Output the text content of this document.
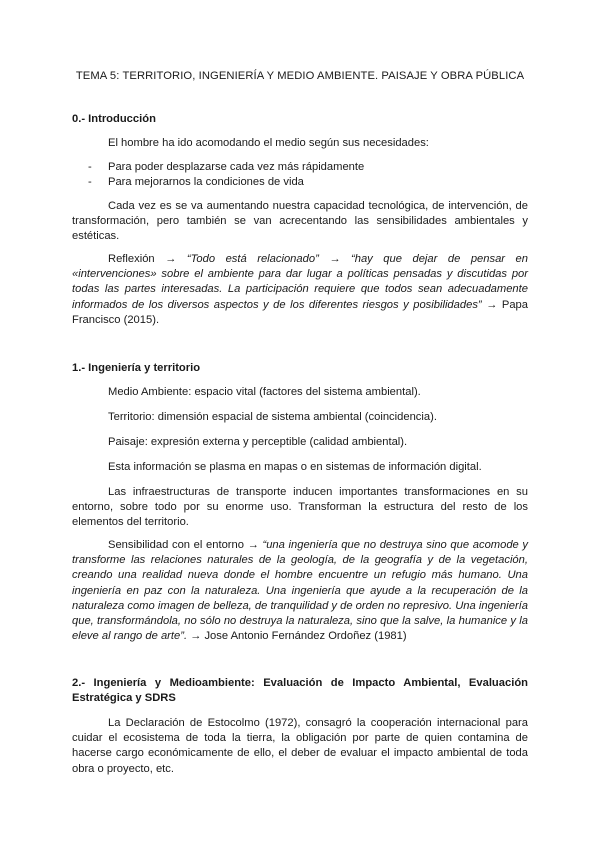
TEMA 5: TERRITORIO, INGENIERÍA Y MEDIO AMBIENTE. PAISAJE Y OBRA PÚBLICA
0.- Introducción
El hombre ha ido acomodando el medio según sus necesidades:
- Para poder desplazarse cada vez más rápidamente
- Para mejorarnos la condiciones de vida
Cada vez es se va aumentando nuestra capacidad tecnológica, de intervención, de transformación, pero también se van acrecentando las sensibilidades ambientales y estéticas.
Reflexión → “Todo está relacionado” → “hay que dejar de pensar en «intervenciones» sobre el ambiente para dar lugar a políticas pensadas y discutidas por todas las partes interesadas. La participación requiere que todos sean adecuadamente informados de los diversos aspectos y de los diferentes riesgos y posibilidades” → Papa Francisco (2015).
1.- Ingeniería y territorio
Medio Ambiente: espacio vital (factores del sistema ambiental).
Territorio: dimensión espacial de sistema ambiental (coincidencia).
Paisaje: expresión externa y perceptible (calidad ambiental).
Esta información se plasma en mapas o en sistemas de información digital.
Las infraestructuras de transporte inducen importantes transformaciones en su entorno, sobre todo por su enorme uso. Transforman la estructura del resto de los elementos del territorio.
Sensibilidad con el entorno → “una ingeniería que no destruya sino que acomode y transforme las relaciones naturales de la geología, de la geografía y de la vegetación, creando una realidad nueva donde el hombre encuentre un refugio más humano. Una ingeniería en paz con la naturaleza. Una ingeniería que ayude a la recuperación de la naturaleza como imagen de belleza, de tranquilidad y de orden no represivo. Una ingeniería que, transformándola, no sólo no destruya la naturaleza, sino que la salve, la humanice y la eleve al rango de arte”. → Jose Antonio Fernández Ordoñez (1981)
2.- Ingeniería y Medioambiente: Evaluación de Impacto Ambiental, Evaluación Estratégica y SDRS
La Declaración de Estocolmo (1972), consagró la cooperación internacional para cuidar el ecosistema de toda la tierra, la obligación por parte de quien contamina de hacerse cargo económicamente de ello, el deber de evaluar el impacto ambiental de toda obra o proyecto, etc.
